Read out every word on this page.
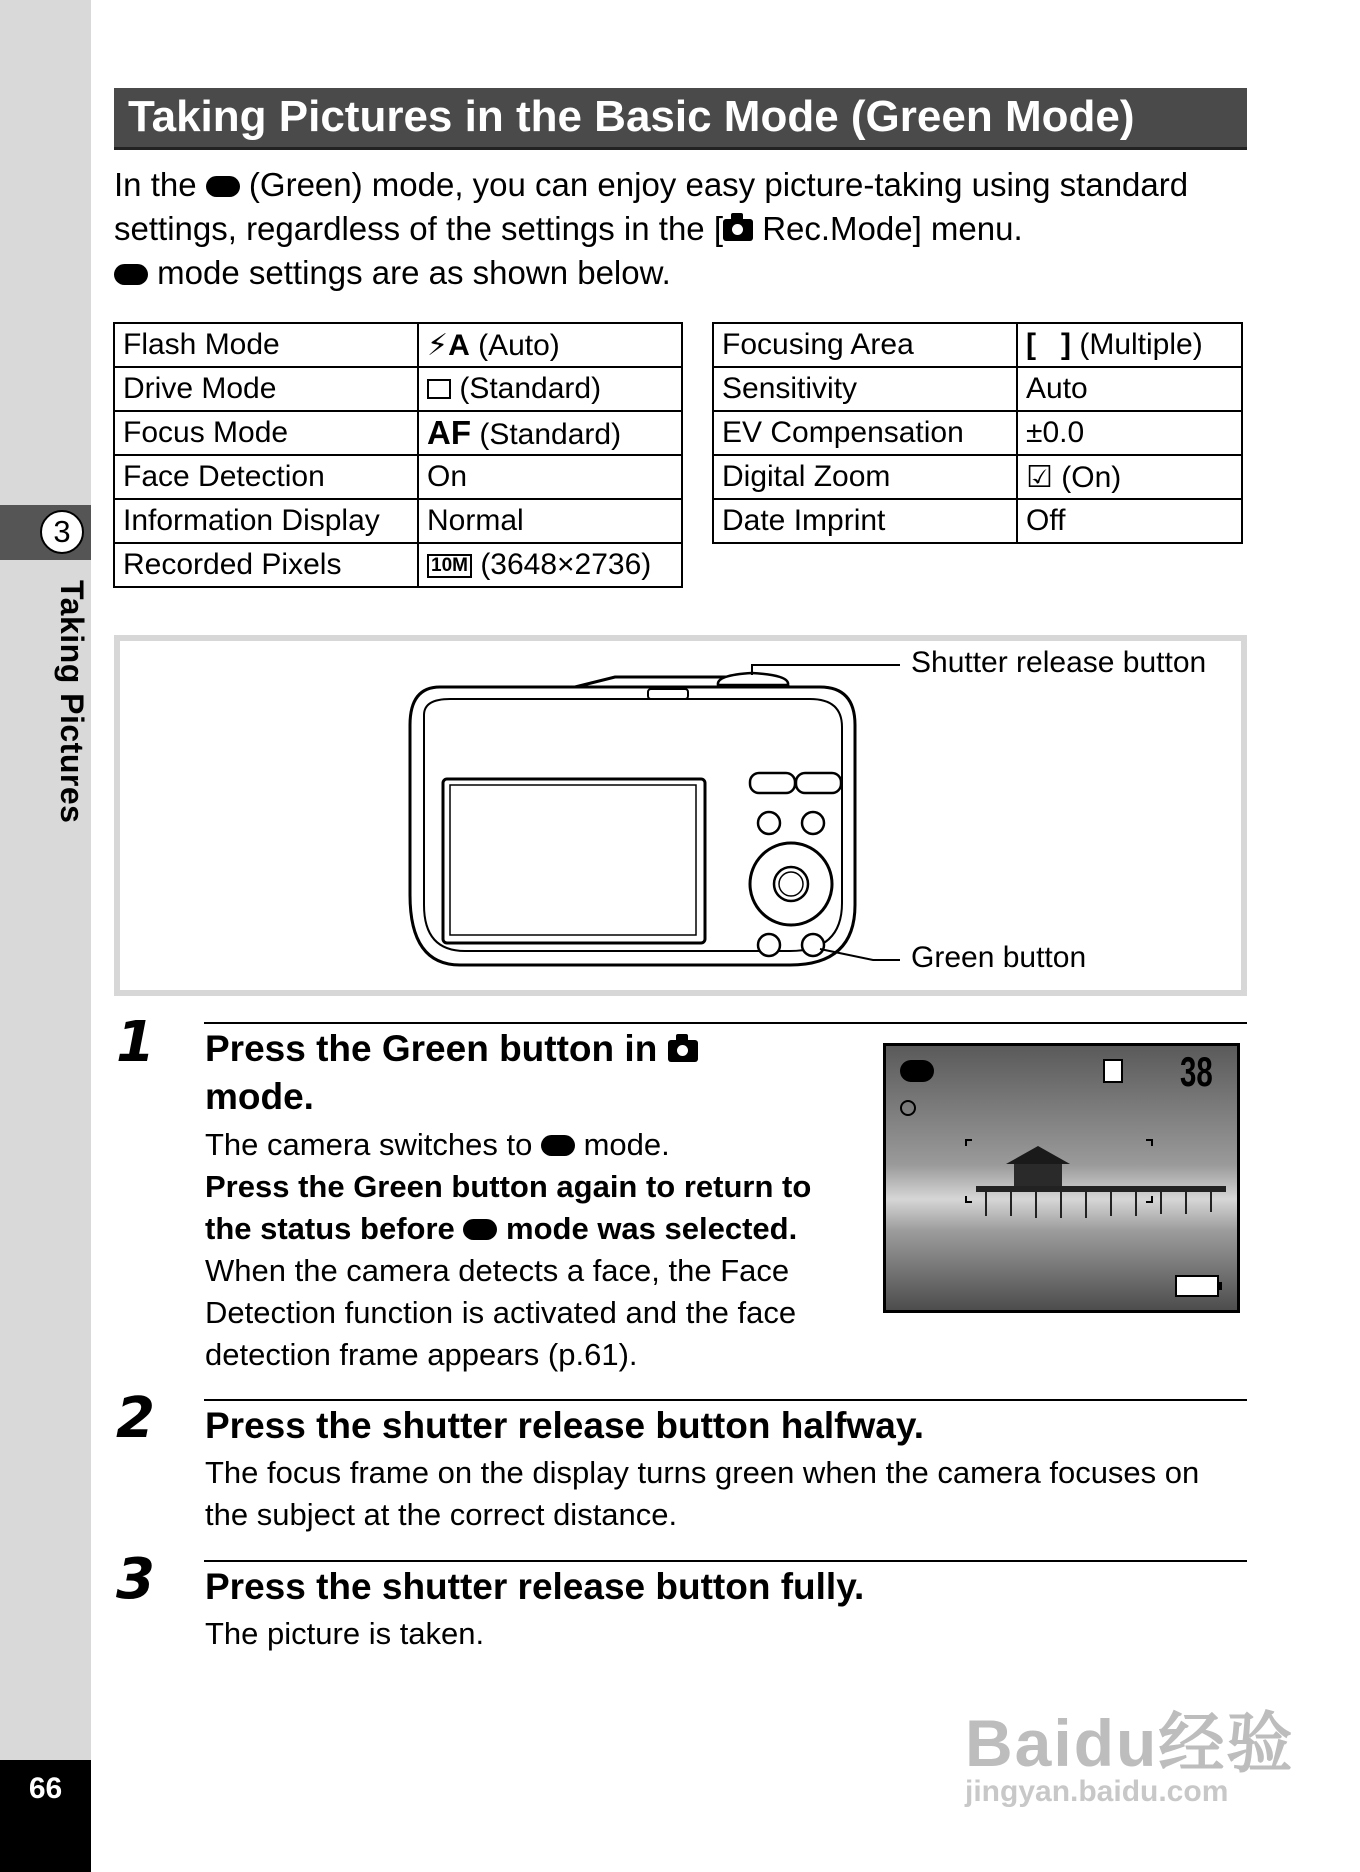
3
Taking Pictures
66
Taking Pictures in the Basic Mode (Green Mode)
In the (Green) mode, you can enjoy easy picture-taking using standard settings, regardless of the settings in the [ Rec.Mode] menu.
mode settings are as shown below.
Flash Mode	⚡A (Auto)
Drive Mode	(Standard)
Focus Mode	AF (Standard)
Face Detection	On
Information Display	Normal
Recorded Pixels	10M (3648×2736)
Focusing Area	[   ] (Multiple)
Sensitivity	Auto
EV Compensation	±0.0
Digital Zoom	☑ (On)
Date Imprint	Off
Shutter release button
Green button
1 Press the Green button in
mode.
The camera switches to mode.
Press the Green button again to return to the status before mode was selected.
When the camera detects a face, the Face Detection function is activated and the face detection frame appears (p.61).
38
2 Press the shutter release button halfway.
The focus frame on the display turns green when the camera focuses on the subject at the correct distance.
3 Press the shutter release button fully.
The picture is taken.
Baidu经验
jingyan.baidu.com
